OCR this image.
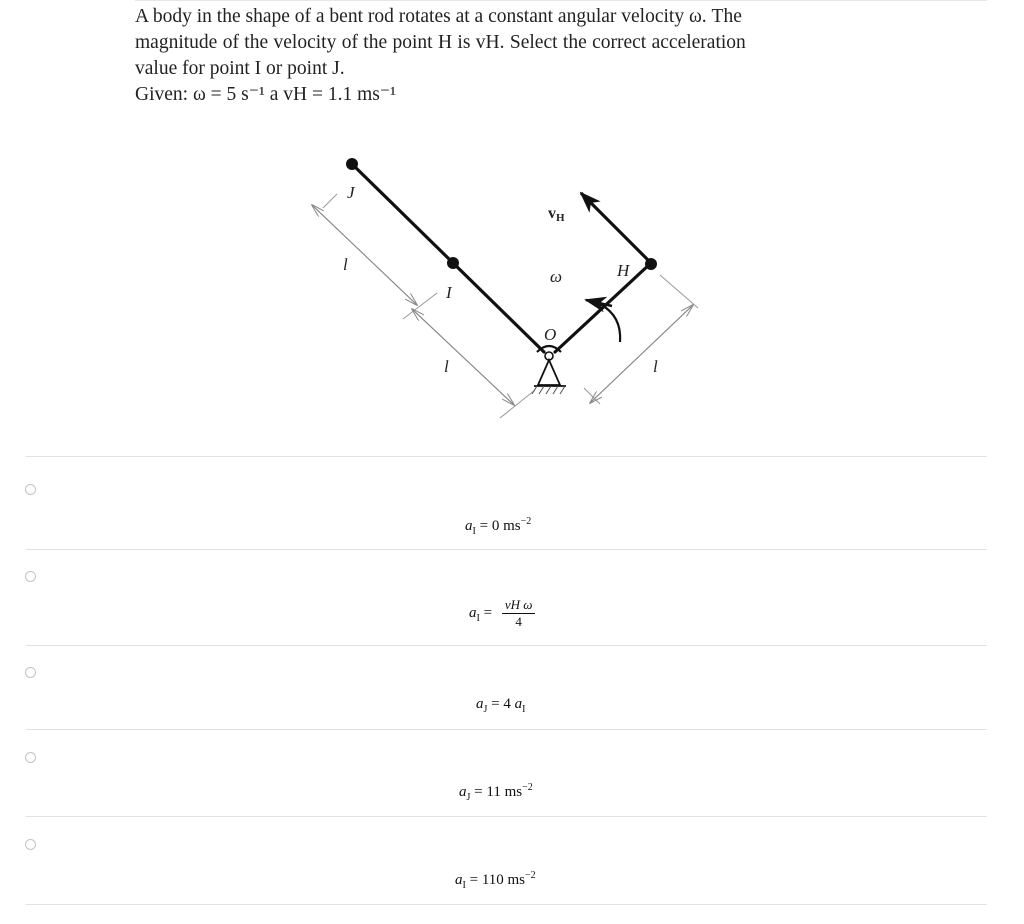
A body in the shape of a bent rod rotates at a constant angular velocity ω. The
magnitude of the velocity of the point H is vH. Select the correct acceleration
value for point I or point J.
Given: ω = 5 s⁻¹ a vH = 1.1 ms⁻¹
J
I
H
O
ω
l
l	l
vH
$a_I = 0$ $ms^{-2}$
$a_I = \frac{\text{vH ω}}{4}$
$a_J = 4$ $a_I$
$a_J = 11$ $ms^{-2}$
$a_I = 110$ $ms^{-2}$
